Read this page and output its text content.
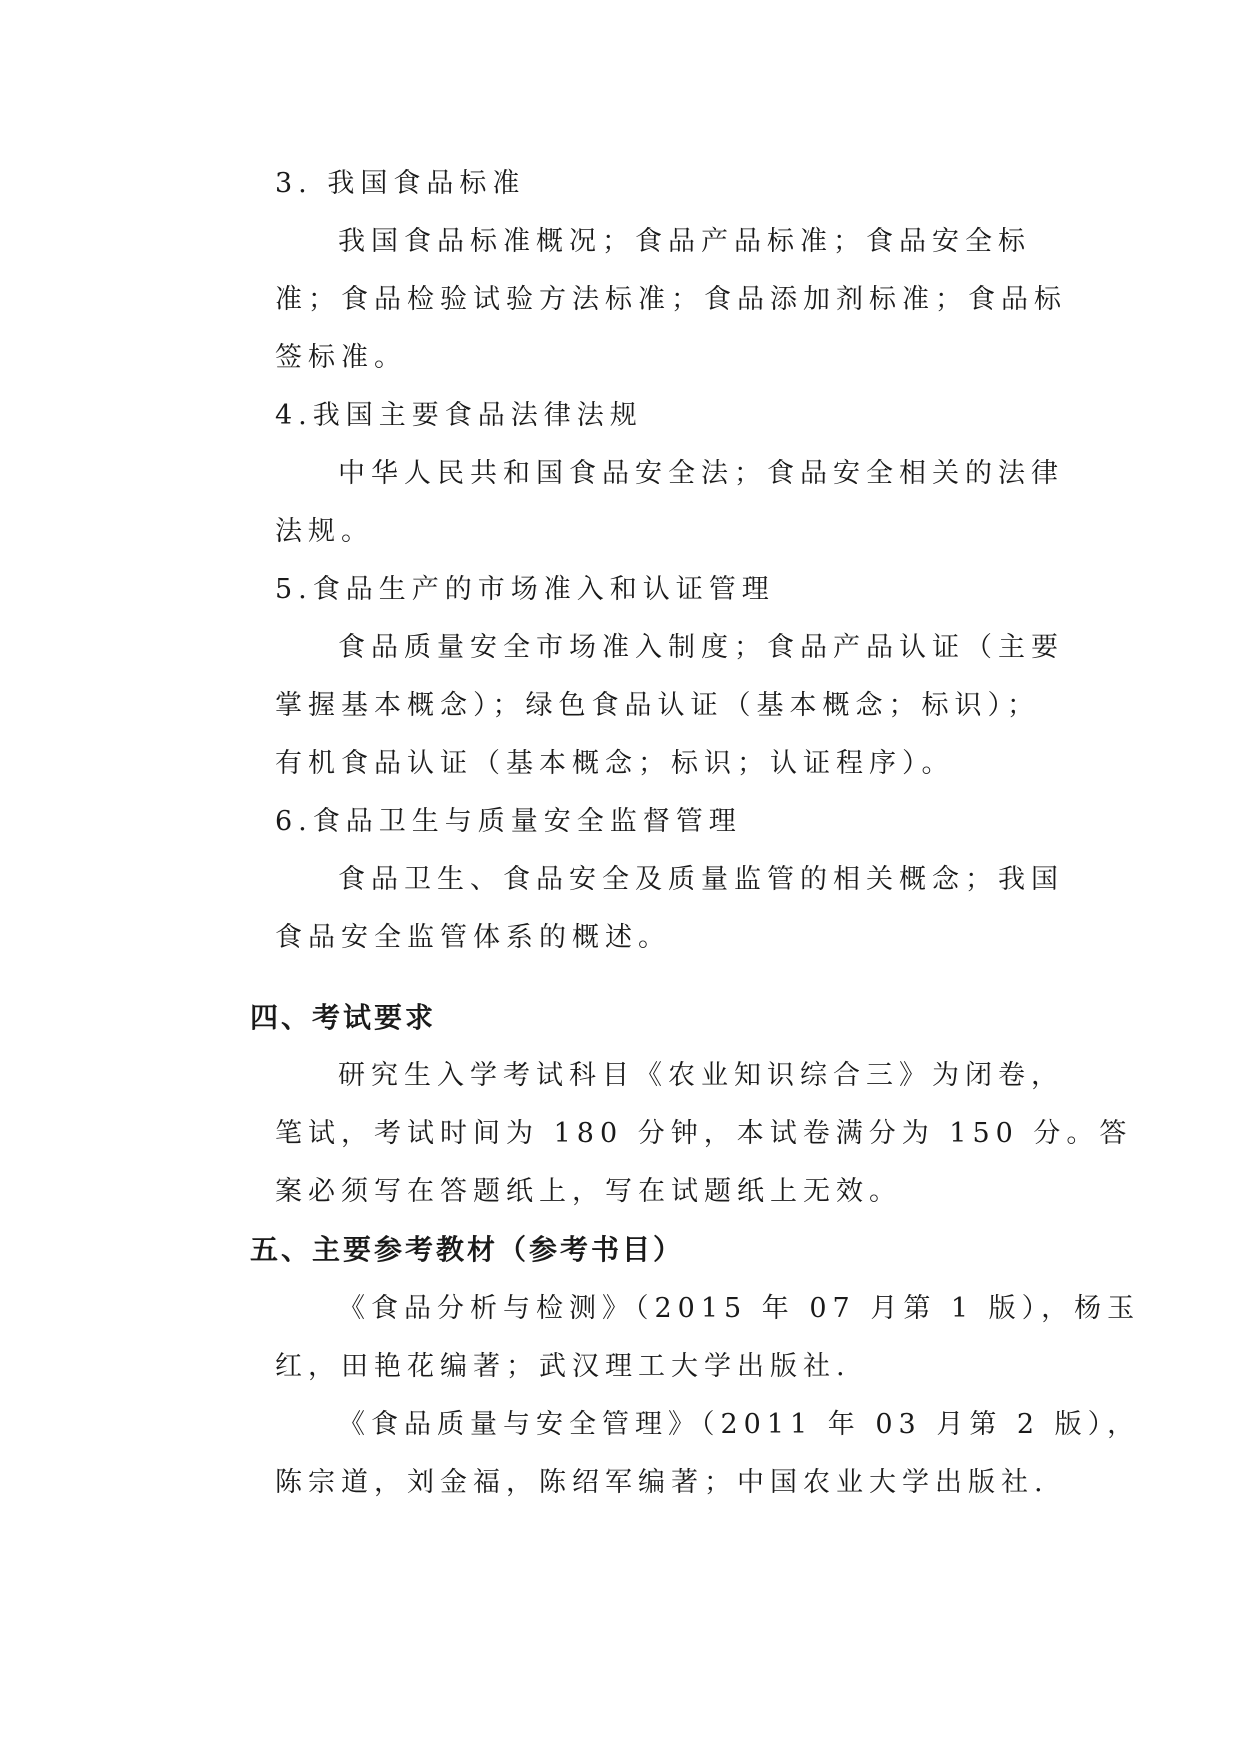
3. 我国食品标准
我国食品标准概况；食品产品标准；食品安全标
准；食品检验试验方法标准；食品添加剂标准；食品标
签标准。
4.我国主要食品法律法规
中华人民共和国食品安全法；食品安全相关的法律
法规。
5.食品生产的市场准入和认证管理
食品质量安全市场准入制度；食品产品认证（主要
掌握基本概念）；绿色食品认证（基本概念；标识）；
有机食品认证（基本概念；标识；认证程序）。
6.食品卫生与质量安全监督管理
食品卫生、食品安全及质量监管的相关概念；我国
食品安全监管体系的概述。
四、考试要求
研究生入学考试科目《农业知识综合三》为闭卷，
笔试，考试时间为 180 分钟，本试卷满分为 150 分。答
案必须写在答题纸上，写在试题纸上无效。
五、主要参考教材（参考书目）
《食品分析与检测》（2015 年 07 月第 1 版），杨玉
红，田艳花编著；武汉理工大学出版社.
《食品质量与安全管理》（2011 年 03 月第 2 版），
陈宗道，刘金福，陈绍军编著；中国农业大学出版社.
